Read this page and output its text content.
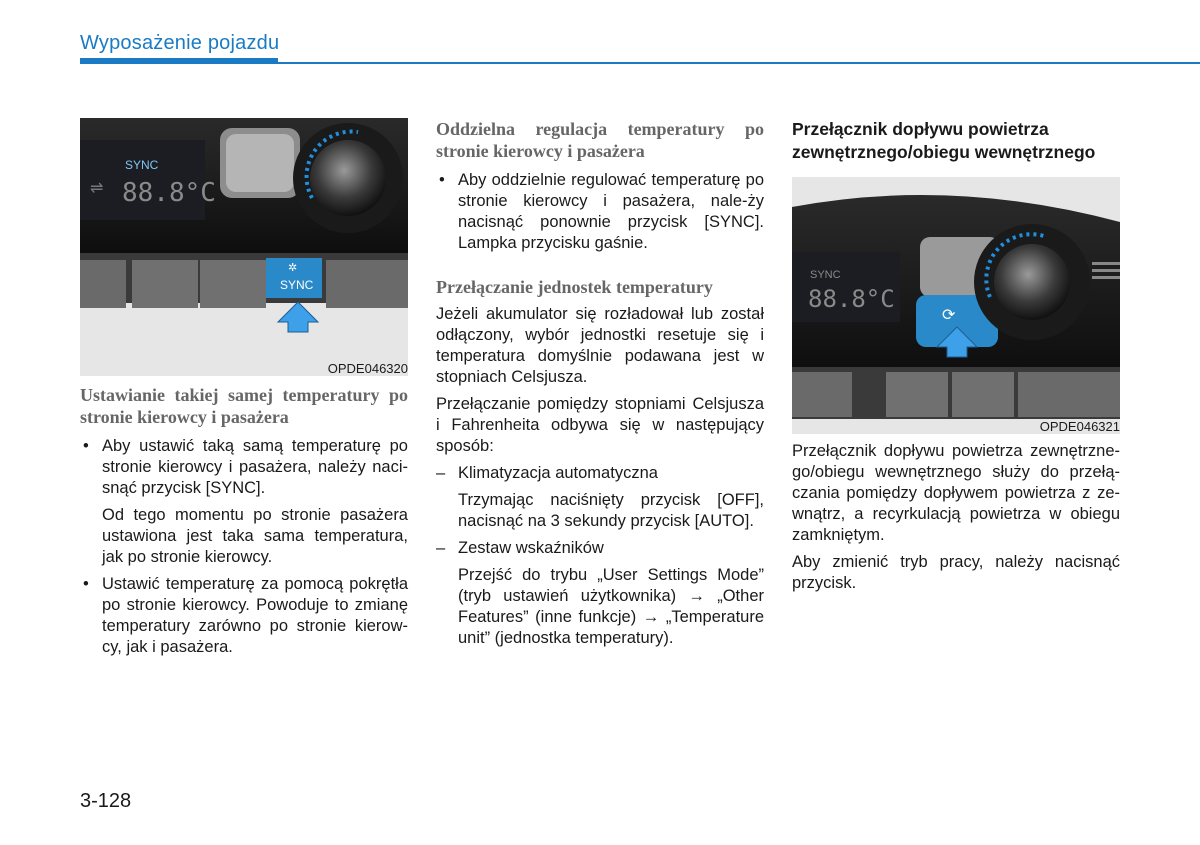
Wyposażenie pojazdu
SYNC
88.8°C
⇌
SYNC
✲
OPDE046320
Ustawianie takiej samej temperatury po stronie kierowcy i pasażera
• Aby ustawić taką samą temperaturę po stronie kierowcy i pasażera, należy naci-snąć przycisk [SYNC].

Od tego momentu po stronie pasażera ustawiona jest taka sama temperatura, jak po stronie kierowcy.

• Ustawić temperaturę za pomocą pokrętła po stronie kierowcy. Powoduje to zmianę temperatury zarówno po stronie kierow-cy, jak i pasażera.
Oddzielna regulacja temperatury po stronie kierowcy i pasażera
• Aby oddzielnie regulować temperaturę po stronie kierowcy i pasażera, nale-ży nacisnąć ponownie przycisk [SYNC]. Lampka przycisku gaśnie.
Przełączanie jednostek temperatury

Jeżeli akumulator się rozładował lub został odłączony, wybór jednostki resetuje się i temperatura domyślnie podawana jest w stopniach Celsjusza.

Przełączanie pomiędzy stopniami Celsjusza i Fahrenheita odbywa się w następujący sposób:

– Klimatyzacja automatyczna

Trzymając naciśnięty przycisk [OFF], nacisnąć na 3 sekundy przycisk [AUTO].

– Zestaw wskaźników

Przejść do trybu „User Settings Mode” (tryb ustawień użytkownika) → „Other Features” (inne funkcje) → „Temperature unit” (jednostka temperatury).

Przełącznik dopływu powietrza zewnętrznego/obiegu wewnętrznego
SYNC
88.8°C
⟳
OPDE046321

Przełącznik dopływu powietrza zewnętrzne-go/obiegu wewnętrznego służy do przełą-czania pomiędzy dopływem powietrza z ze-wnątrz, a recyrkulacją powietrza w obiegu zamkniętym.

Aby zmienić tryb pracy, należy nacisnąć przycisk.

3-128
